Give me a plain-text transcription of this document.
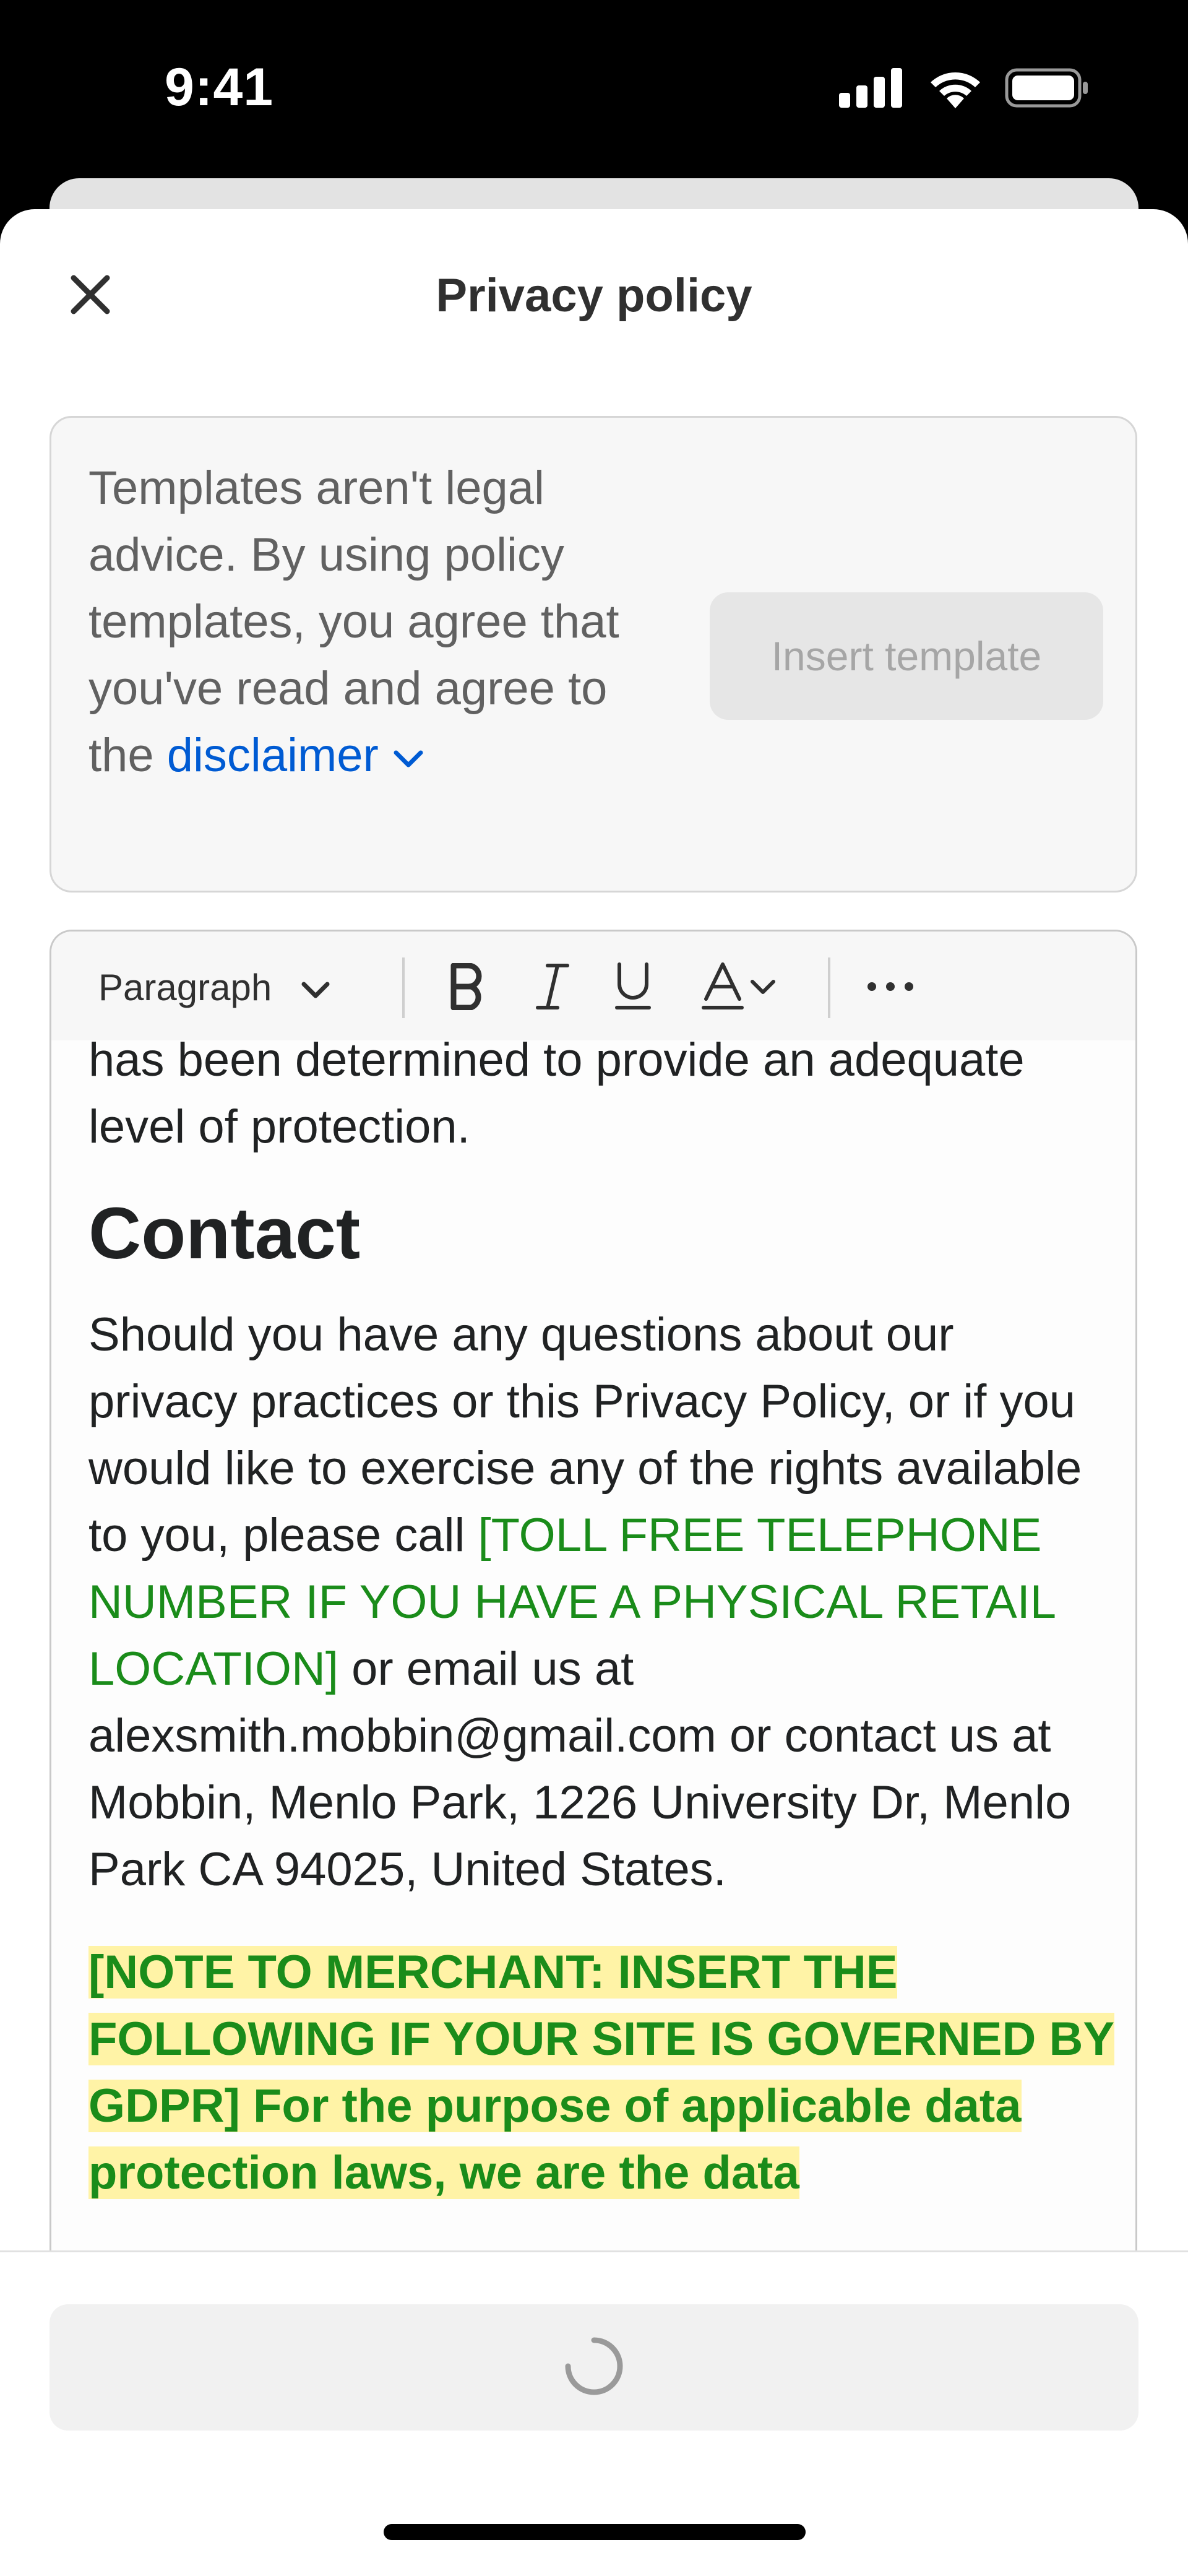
9:41
Privacy policy
Templates aren't legal advice. By using policy templates, you agree that you've read and agree to the disclaimer
Insert template
Paragraph

has been determined to provide an adequate level of protection.

Contact

Should you have any questions about our privacy practices or this Privacy Policy, or if you would like to exercise any of the rights available to you, please call [TOLL FREE TELEPHONE NUMBER IF YOU HAVE A PHYSICAL RETAIL LOCATION] or email us at alexsmith.mobbin@gmail.com or contact us at Mobbin, Menlo Park, 1226 University Dr, Menlo Park CA 94025, United States.

[NOTE TO MERCHANT: INSERT THE FOLLOWING IF YOUR SITE IS GOVERNED BY GDPR] For the purpose of applicable data protection laws, we are the data
